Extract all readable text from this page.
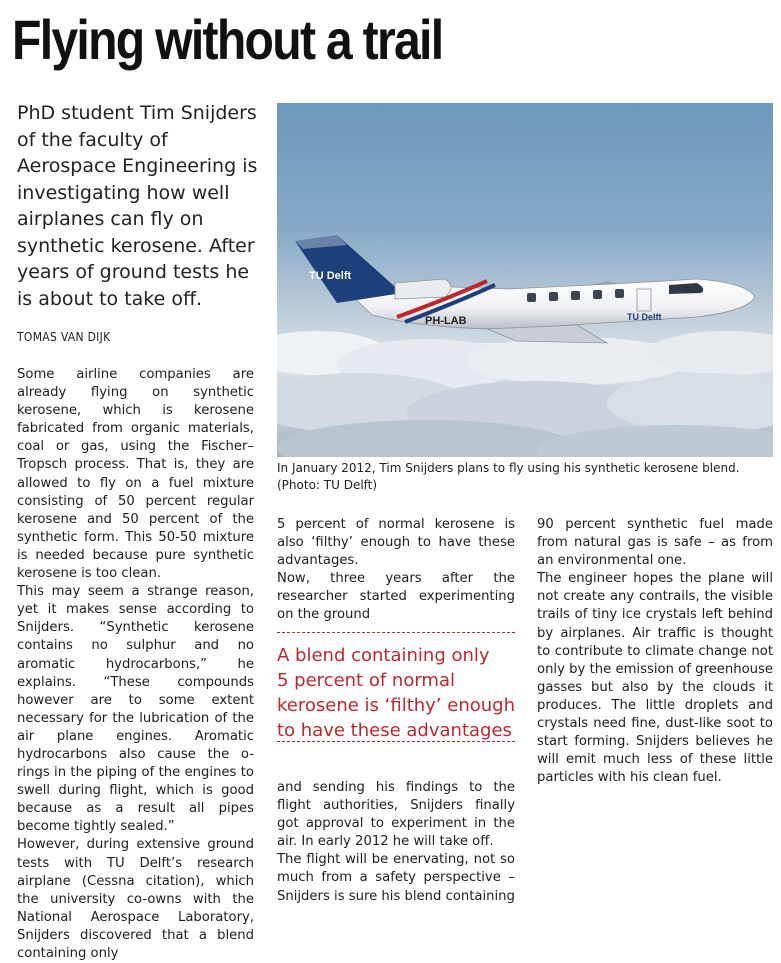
Flying without a trail

PhD student Tim Snijders of the faculty of Aerospace Engineering is investigating how well airplanes can fly on synthetic kerosene. After years of ground tests he is about to take off.

TOMAS VAN DIJK

TU Delft
PH-LAB	TU Delft

In January 2012, Tim Snijders plans to fly using his synthetic kerosene blend. (Photo: TU Delft)

Some airline companies are already flying on synthetic kerosene, which is kerosene fabricated from organic materials, coal or gas, using the Fischer–Tropsch process. That is, they are allowed to fly on a fuel mixture consisting of 50 percent regular kerosene and 50 percent of the synthetic form. This 50-50 mixture is needed because pure synthetic kerosene is too clean.

This may seem a strange reason, yet it makes sense according to Snijders. “Synthetic kerosene contains no sulphur and no aromatic hydrocarbons,” he explains. “These compounds however are to some extent necessary for the lubrication of the air plane engines. Aromatic hydrocarbons also cause the o-rings in the piping of the engines to swell during flight, which is good because as a result all pipes become tightly sealed.”

However, during extensive ground tests with TU Delft’s research airplane (Cessna citation), which the university co-owns with the National Aerospace Laboratory, Snijders discovered that a blend containing only

5 percent of normal kerosene is also ‘filthy’ enough to have these advantages.

Now, three years after the researcher started experimenting on the ground

A blend containing only
5 percent of normal
kerosene is ‘filthy’ enough
to have these advantages

and sending his findings to the flight authorities, Snijders finally got approval to experiment in the air. In early 2012 he will take off.

The flight will be enervating, not so much from a safety perspective – Snijders is sure his blend containing

90 percent synthetic fuel made from natural gas is safe – as from an environmental one.

The engineer hopes the plane will not create any contrails, the visible trails of tiny ice crystals left behind by airplanes. Air traffic is thought to contribute to climate change not only by the emission of greenhouse gasses but also by the clouds it produces. The little droplets and crystals need fine, dust-like soot to start forming. Snijders believes he will emit much less of these little particles with his clean fuel.
